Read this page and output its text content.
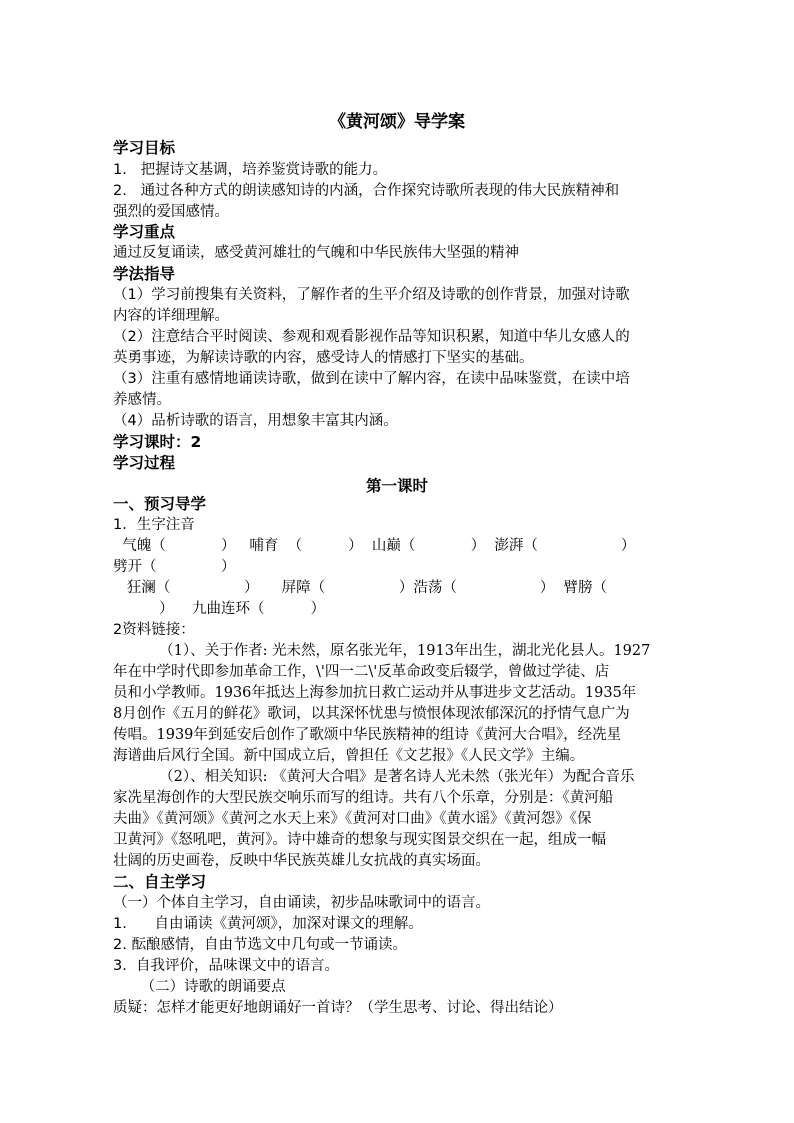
《黄河颂》导学案
学习目标
1.   把握诗文基调，培养鉴赏诗歌的能力。
2.   通过各种方式的朗读感知诗的内涵，合作探究诗歌所表现的伟大民族精神和
强烈的爱国感情。
学习重点
通过反复诵读，感受黄河雄壮的气魄和中华民族伟大坚强的精神
学法指导
（1）学习前搜集有关资料，了解作者的生平介绍及诗歌的创作背景，加强对诗歌
内容的详细理解。
（2）注意结合平时阅读、参观和观看影视作品等知识积累，知道中华儿女感人的
英勇事迹，为解读诗歌的内容，感受诗人的情感打下坚实的基础。
（3）注重有感情地诵读诗歌，做到在读中了解内容，在读中品味鉴赏，在读中培
养感情。
（4）品析诗歌的语言，用想象丰富其内涵。
学习课时：2
学习过程
第一课时
一、预习导学
1．生字注音
气魄（            ）   哺育  （          ）  山巅（            ）  澎湃（                  ）
劈开（              ）
狂澜（                ）     屏障（                ）浩荡（                  ）  臂膀（
）    九曲连环（          ）
2资料链接：
（1）、关于作者: 光未然，原名张光年，1913年出生，湖北光化县人。1927
年在中学时代即参加革命工作，\'四一二\'反革命政变后辍学，曾做过学徒、店
员和小学教师。1936年抵达上海参加抗日救亡运动并从事进步文艺活动。1935年
8月创作《五月的鲜花》歌词，以其深怀忧患与愤恨体现浓郁深沉的抒情气息广为
传唱。1939年到延安后创作了歌颂中华民族精神的组诗《黄河大合唱》，经冼星
海谱曲后风行全国。新中国成立后，曾担任《文艺报》《人民文学》主编。
（2）、相关知识: 《黄河大合唱》是著名诗人光未然（张光年）为配合音乐
家冼星海创作的大型民族交响乐而写的组诗。共有八个乐章，分别是：《黄河船
夫曲》《黄河颂》《黄河之水天上来》《黄河对口曲》《黄水谣》《黄河怨》《保
卫黄河》《怒吼吧，黄河》。诗中雄奇的想象与现实图景交织在一起，组成一幅
壮阔的历史画卷，反映中华民族英雄儿女抗战的真实场面。
二、自主学习
（一）个体自主学习，自由诵读，初步品味歌词中的语言。
1.      自由诵读《黄河颂》，加深对课文的理解。
2. 酝酿感情，自由节选文中几句或一节诵读。
3.  自我评价，品味课文中的语言。
（二）诗歌的朗诵要点
质疑：怎样才能更好地朗诵好一首诗？（学生思考、讨论、得出结论）
